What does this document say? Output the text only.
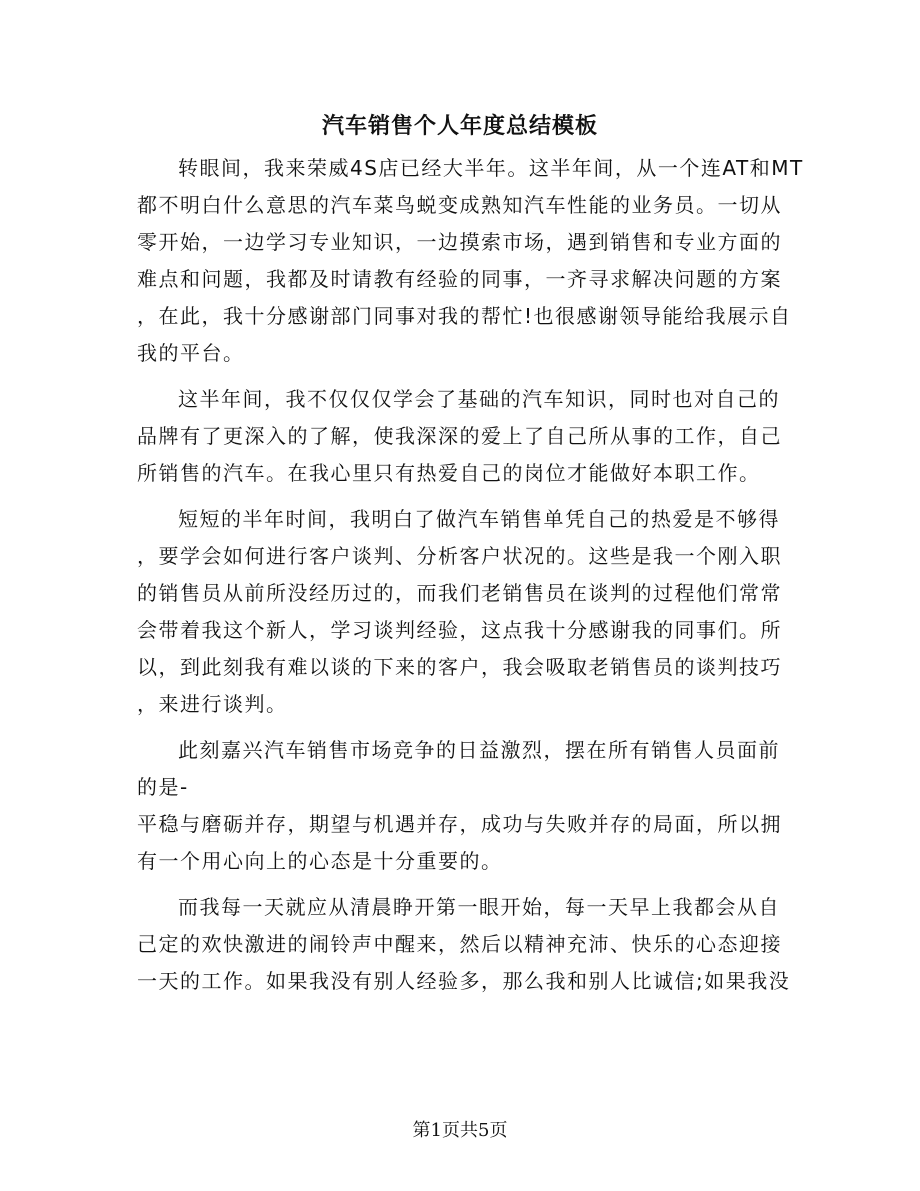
汽车销售个人年度总结模板
转眼间，我来荣威4S店已经大半年。这半年间，从一个连AT和MT
都不明白什么意思的汽车菜鸟蜕变成熟知汽车性能的业务员。一切从
零开始，一边学习专业知识，一边摸索市场，遇到销售和专业方面的
难点和问题，我都及时请教有经验的同事，一齐寻求解决问题的方案
，在此，我十分感谢部门同事对我的帮忙!也很感谢领导能给我展示自
我的平台。
这半年间，我不仅仅仅学会了基础的汽车知识，同时也对自己的
品牌有了更深入的了解，使我深深的爱上了自己所从事的工作，自己
所销售的汽车。在我心里只有热爱自己的岗位才能做好本职工作。
短短的半年时间，我明白了做汽车销售单凭自己的热爱是不够得
，要学会如何进行客户谈判、分析客户状况的。这些是我一个刚入职
的销售员从前所没经历过的，而我们老销售员在谈判的过程他们常常
会带着我这个新人，学习谈判经验，这点我十分感谢我的同事们。所
以，到此刻我有难以谈的下来的客户，我会吸取老销售员的谈判技巧
，来进行谈判。
此刻嘉兴汽车销售市场竞争的日益激烈，摆在所有销售人员面前
的是-
平稳与磨砺并存，期望与机遇并存，成功与失败并存的局面，所以拥
有一个用心向上的心态是十分重要的。
而我每一天就应从清晨睁开第一眼开始，每一天早上我都会从自
己定的欢快激进的闹铃声中醒来，然后以精神充沛、快乐的心态迎接
一天的工作。如果我没有别人经验多，那么我和别人比诚信;如果我没
第1页共5页
